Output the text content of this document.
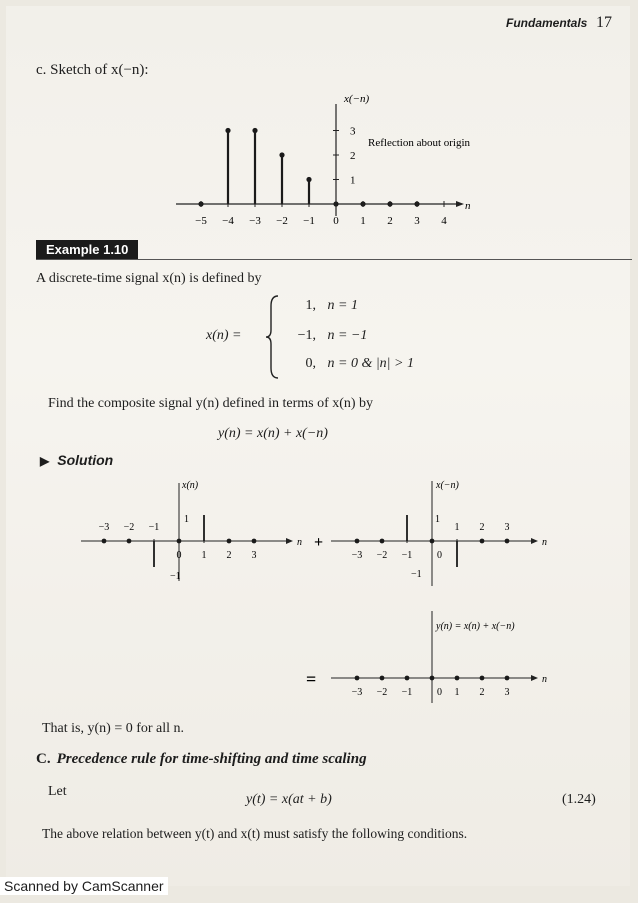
Fundamentals 17
c. Sketch of x(−n):
−5 −4 −3 −2 −1 0 1 2 3 4
3
2
1
x(−n)
n
Reflection about origin
Example 1.10
A discrete-time signal x(n) is defined by
x(n) =
1, n = 1
−1, n = −1
0, n = 0 & |n| > 1
Find the composite signal y(n) defined in terms of x(n) by
y(n) = x(n) + x(−n)
▶ Solution
x(n)
n
−3 −2 −1
0 1 2 3
1
−1
+
x(−n)
n
1 2 3
−3 −2 −1 0
1
−1
=
y(n) = x(n) + x(−n)
n
−3 −2 −1 0 1 2 3
That is, y(n) = 0 for all n.
C. Precedence rule for time-shifting and time scaling
Let
y(t) = x(at + b)	(1.24)
The above relation between y(t) and x(t) must satisfy the following conditions.
Scanned by CamScanner
